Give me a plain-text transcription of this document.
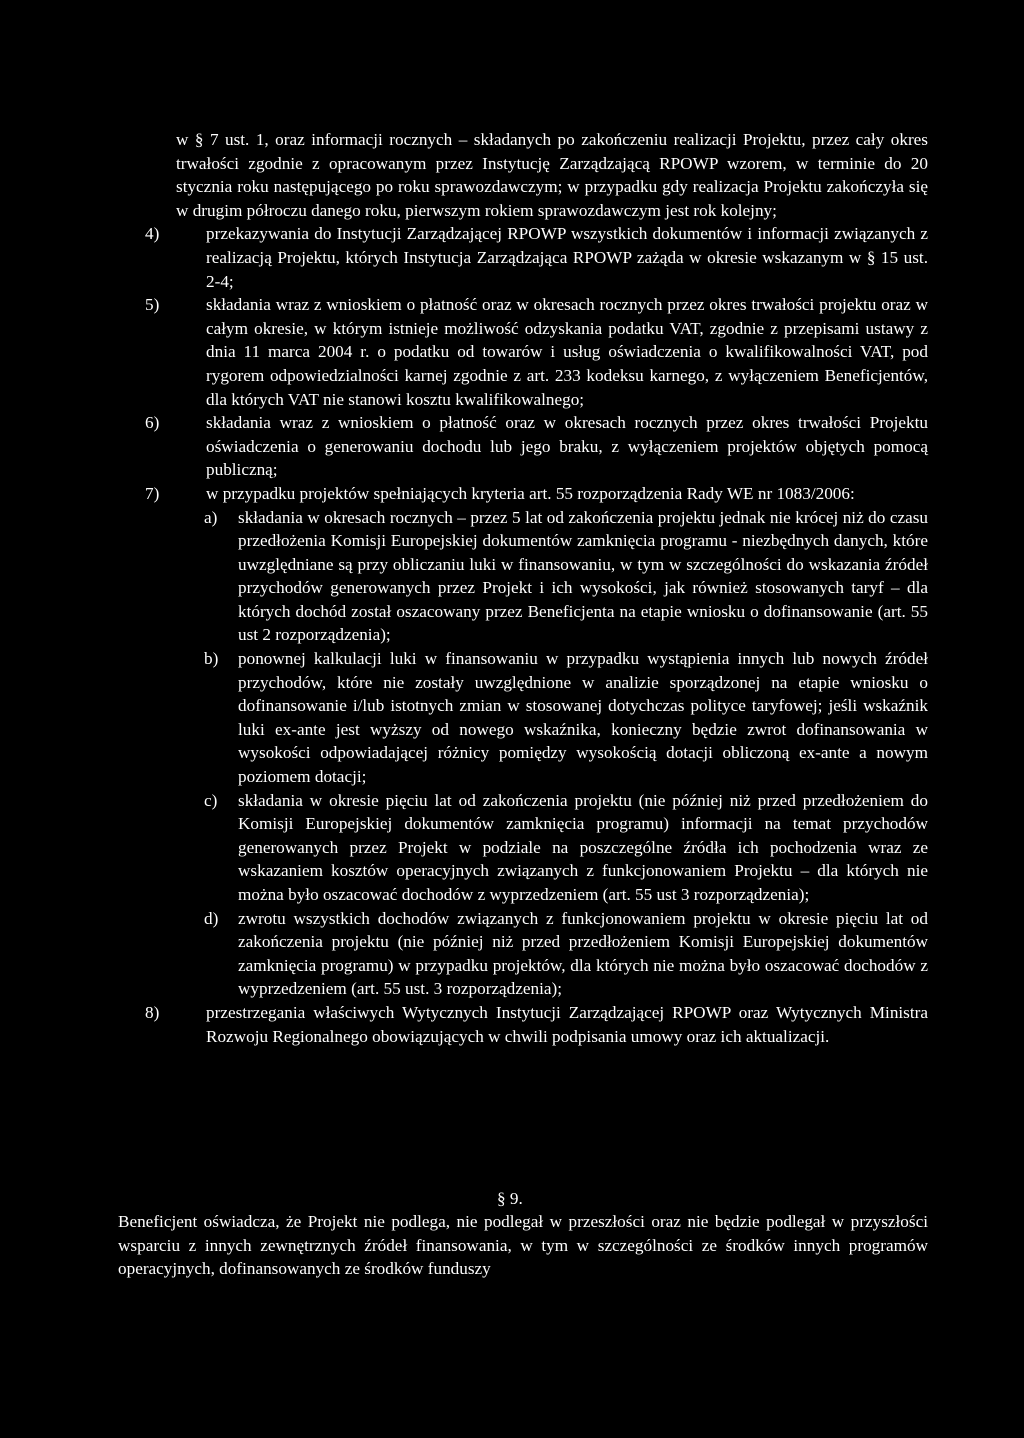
w § 7 ust. 1, oraz informacji rocznych – składanych po zakończeniu realizacji Projektu, przez cały okres trwałości zgodnie z opracowanym przez Instytucję Zarządzającą RPOWP wzorem, w terminie do 20 stycznia roku następującego po roku sprawozdawczym; w przypadku gdy realizacja Projektu zakończyła się w drugim półroczu danego roku, pierwszym rokiem sprawozdawczym jest rok kolejny;
4)	przekazywania do Instytucji Zarządzającej RPOWP wszystkich dokumentów i informacji związanych z realizacją Projektu, których Instytucja Zarządzająca RPOWP zażąda w okresie wskazanym w § 15 ust. 2-4;
5)	składania wraz z wnioskiem o płatność oraz w okresach rocznych przez okres trwałości projektu oraz w całym okresie, w którym istnieje możliwość odzyskania podatku VAT, zgodnie z przepisami ustawy z dnia 11 marca 2004 r. o podatku od towarów i usług oświadczenia o kwalifikowalności VAT, pod rygorem odpowiedzialności karnej zgodnie z art. 233 kodeksu karnego, z wyłączeniem Beneficjentów, dla których VAT nie stanowi kosztu kwalifikowalnego;
6)	składania wraz z wnioskiem o płatność oraz w okresach rocznych przez okres trwałości Projektu oświadczenia o generowaniu dochodu lub jego braku, z wyłączeniem projektów objętych pomocą publiczną;
7)	w przypadku projektów spełniających kryteria art. 55 rozporządzenia Rady WE nr 1083/2006:
a) składania w okresach rocznych – przez 5 lat od zakończenia projektu jednak nie krócej niż do czasu przedłożenia Komisji Europejskiej dokumentów zamknięcia programu - niezbędnych danych, które uwzględniane są przy obliczaniu luki w finansowaniu, w tym w szczególności do wskazania źródeł przychodów generowanych przez Projekt i ich wysokości, jak również stosowanych taryf – dla których dochód został oszacowany przez Beneficjenta na etapie wniosku o dofinansowanie (art. 55 ust 2 rozporządzenia);
b) ponownej kalkulacji luki w finansowaniu w przypadku wystąpienia innych lub nowych źródeł przychodów, które nie zostały uwzględnione w analizie sporządzonej na etapie wniosku o dofinansowanie i/lub istotnych zmian w stosowanej dotychczas polityce taryfowej; jeśli wskaźnik luki ex-ante jest wyższy od nowego wskaźnika, konieczny będzie zwrot dofinansowania w wysokości odpowiadającej różnicy pomiędzy wysokością dotacji obliczoną ex-ante a nowym poziomem dotacji;
c) składania w okresie pięciu lat od zakończenia projektu (nie później niż przed przedłożeniem do Komisji Europejskiej dokumentów zamknięcia programu) informacji na temat przychodów generowanych przez Projekt w podziale na poszczególne źródła ich pochodzenia wraz ze wskazaniem kosztów operacyjnych związanych z funkcjonowaniem Projektu – dla których nie można było oszacować dochodów z wyprzedzeniem (art. 55 ust 3 rozporządzenia);
d) zwrotu wszystkich dochodów związanych z funkcjonowaniem projektu w okresie pięciu lat od zakończenia projektu (nie później niż przed przedłożeniem Komisji Europejskiej dokumentów zamknięcia programu) w przypadku projektów, dla których nie można było oszacować dochodów z wyprzedzeniem (art. 55 ust. 3 rozporządzenia);
8)	przestrzegania właściwych Wytycznych Instytucji Zarządzającej RPOWP oraz Wytycznych Ministra Rozwoju Regionalnego obowiązujących w chwili podpisania umowy oraz ich aktualizacji.
§ 9.
Beneficjent oświadcza, że Projekt nie podlega, nie podlegał w przeszłości oraz nie będzie podlegał w przyszłości wsparciu z innych zewnętrznych źródeł finansowania, w tym w szczególności ze środków innych programów operacyjnych, dofinansowanych ze środków funduszy
